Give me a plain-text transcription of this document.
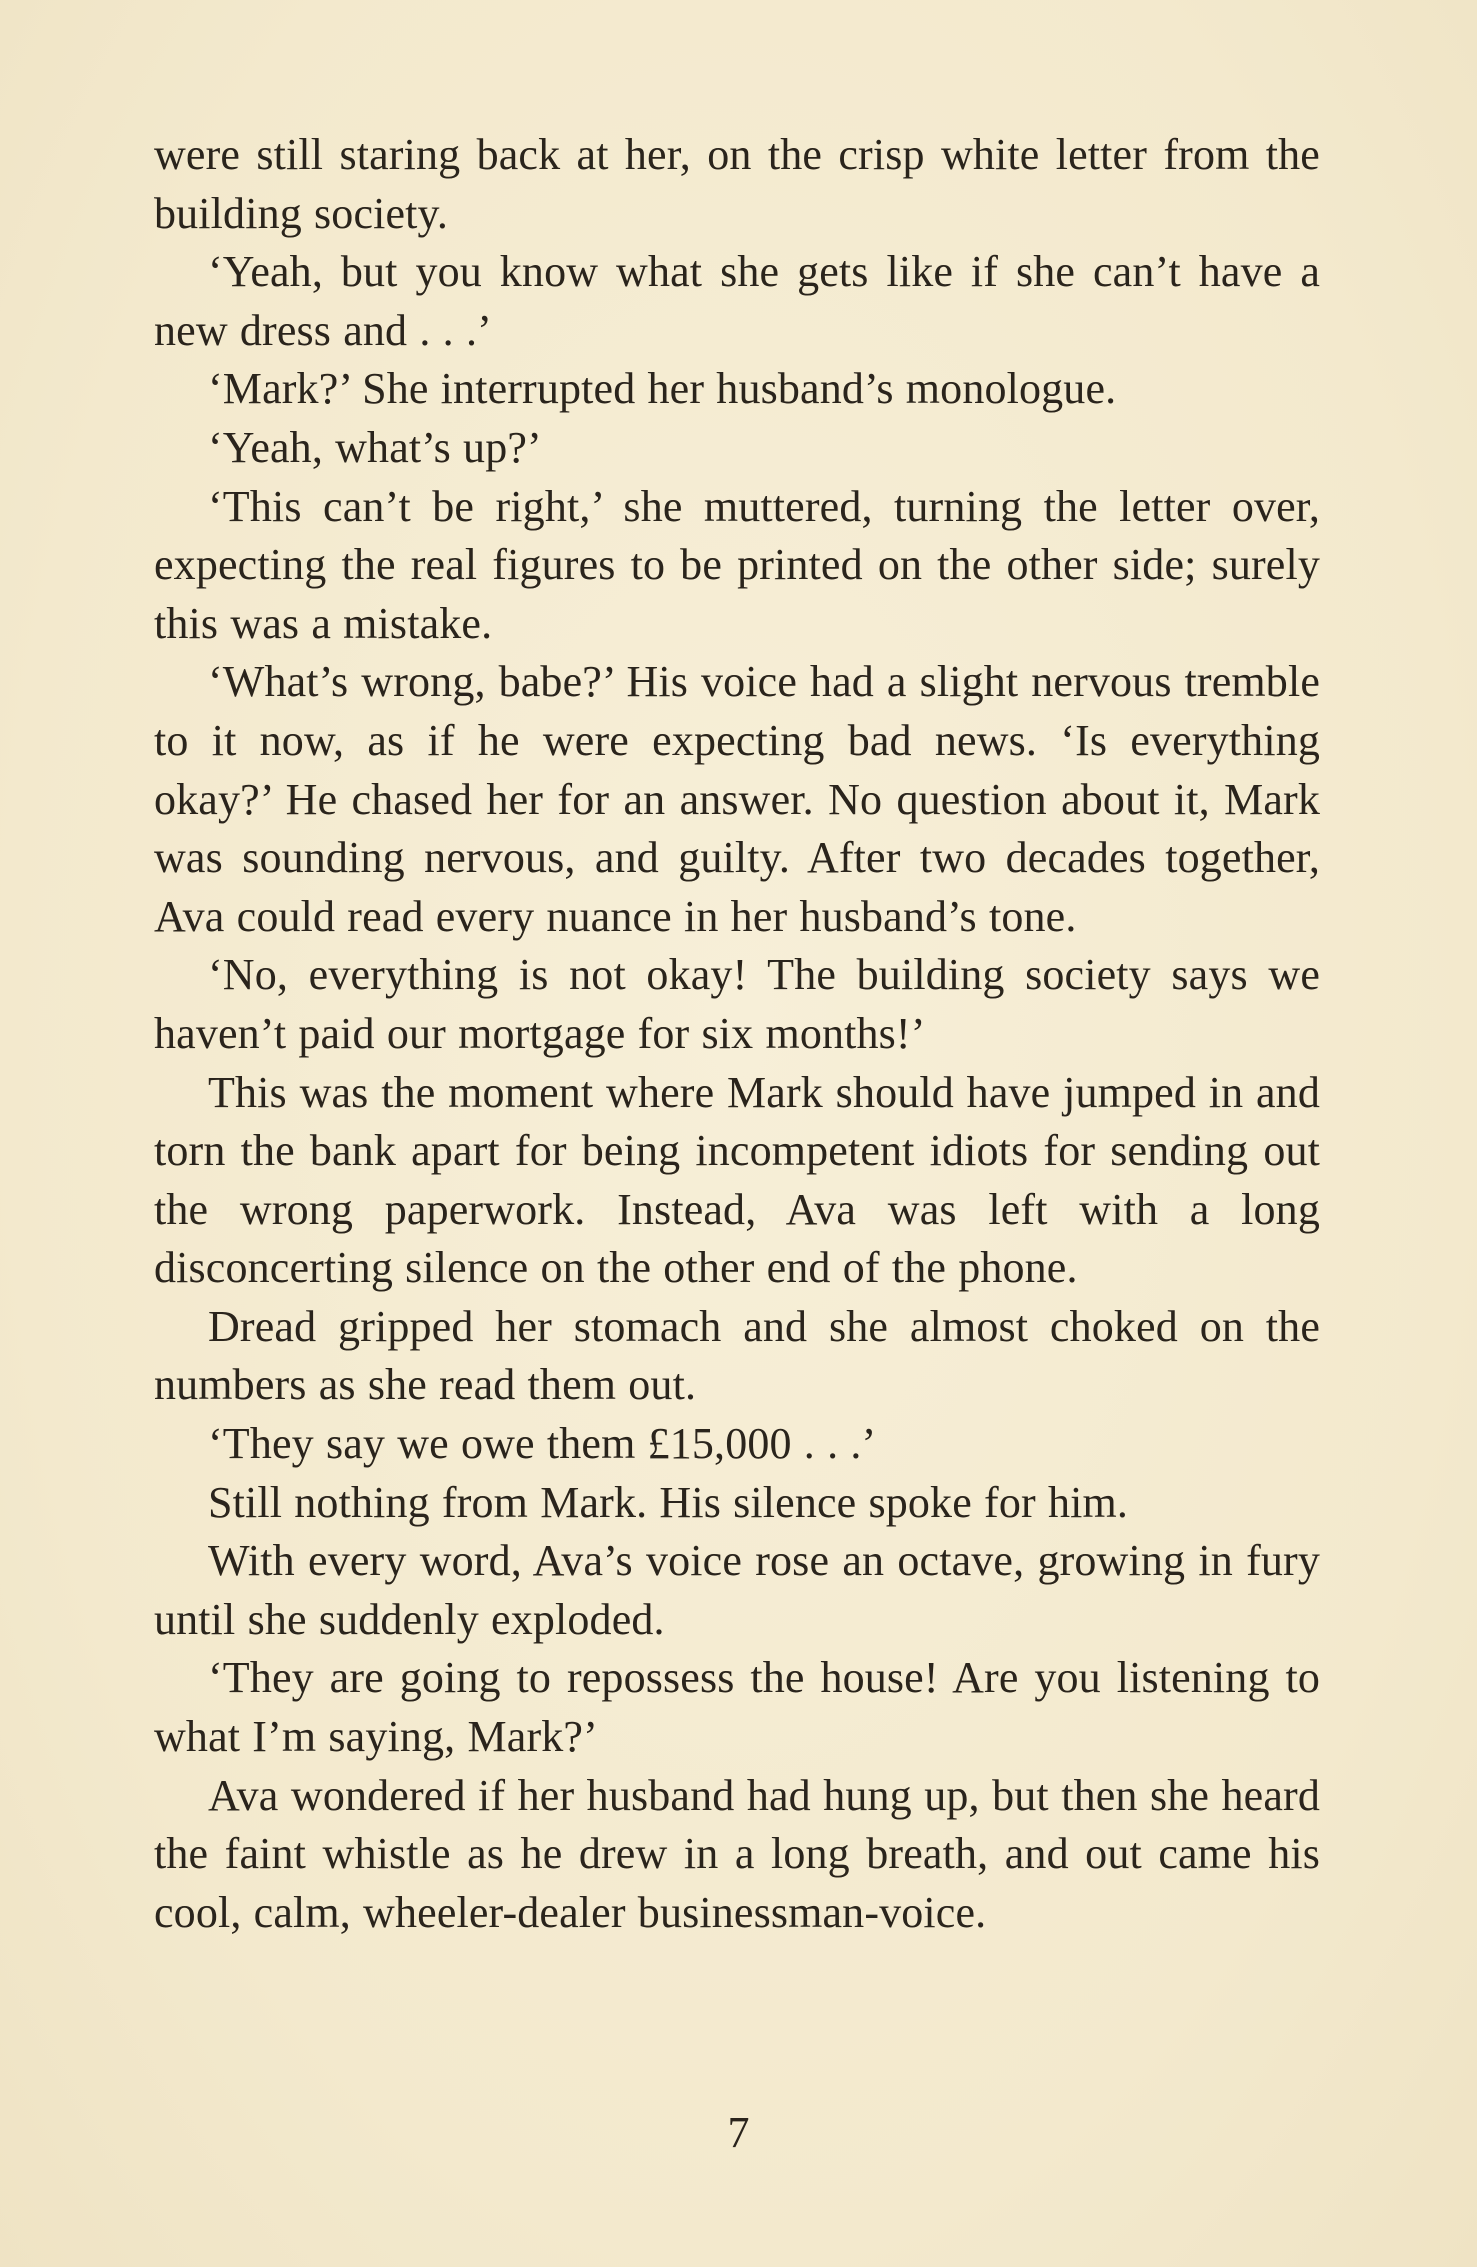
were still staring back at her, on the crisp white letter from the building society.

‘Yeah, but you know what she gets like if she can’t have a new dress and . . .’

‘Mark?’ She interrupted her husband’s monologue.

‘Yeah, what’s up?’

‘This can’t be right,’ she muttered, turning the letter over, expecting the real figures to be printed on the other side; surely this was a mistake.

‘What’s wrong, babe?’ His voice had a slight nervous tremble to it now, as if he were expecting bad news. ‘Is everything okay?’ He chased her for an answer. No question about it, Mark was sounding nervous, and guilty. After two decades together, Ava could read every nuance in her husband’s tone.

‘No, everything is not okay! The building society says we haven’t paid our mortgage for six months!’

This was the moment where Mark should have jumped in and torn the bank apart for being incompetent idiots for sending out the wrong paperwork. Instead, Ava was left with a long disconcerting silence on the other end of the phone.

Dread gripped her stomach and she almost choked on the numbers as she read them out.

‘They say we owe them £15,000 . . .’

Still nothing from Mark. His silence spoke for him.

With every word, Ava’s voice rose an octave, growing in fury until she suddenly exploded.

‘They are going to repossess the house! Are you listening to what I’m saying, Mark?’

Ava wondered if her husband had hung up, but then she heard the faint whistle as he drew in a long breath, and out came his cool, calm, wheeler-dealer businessman-voice.

7
